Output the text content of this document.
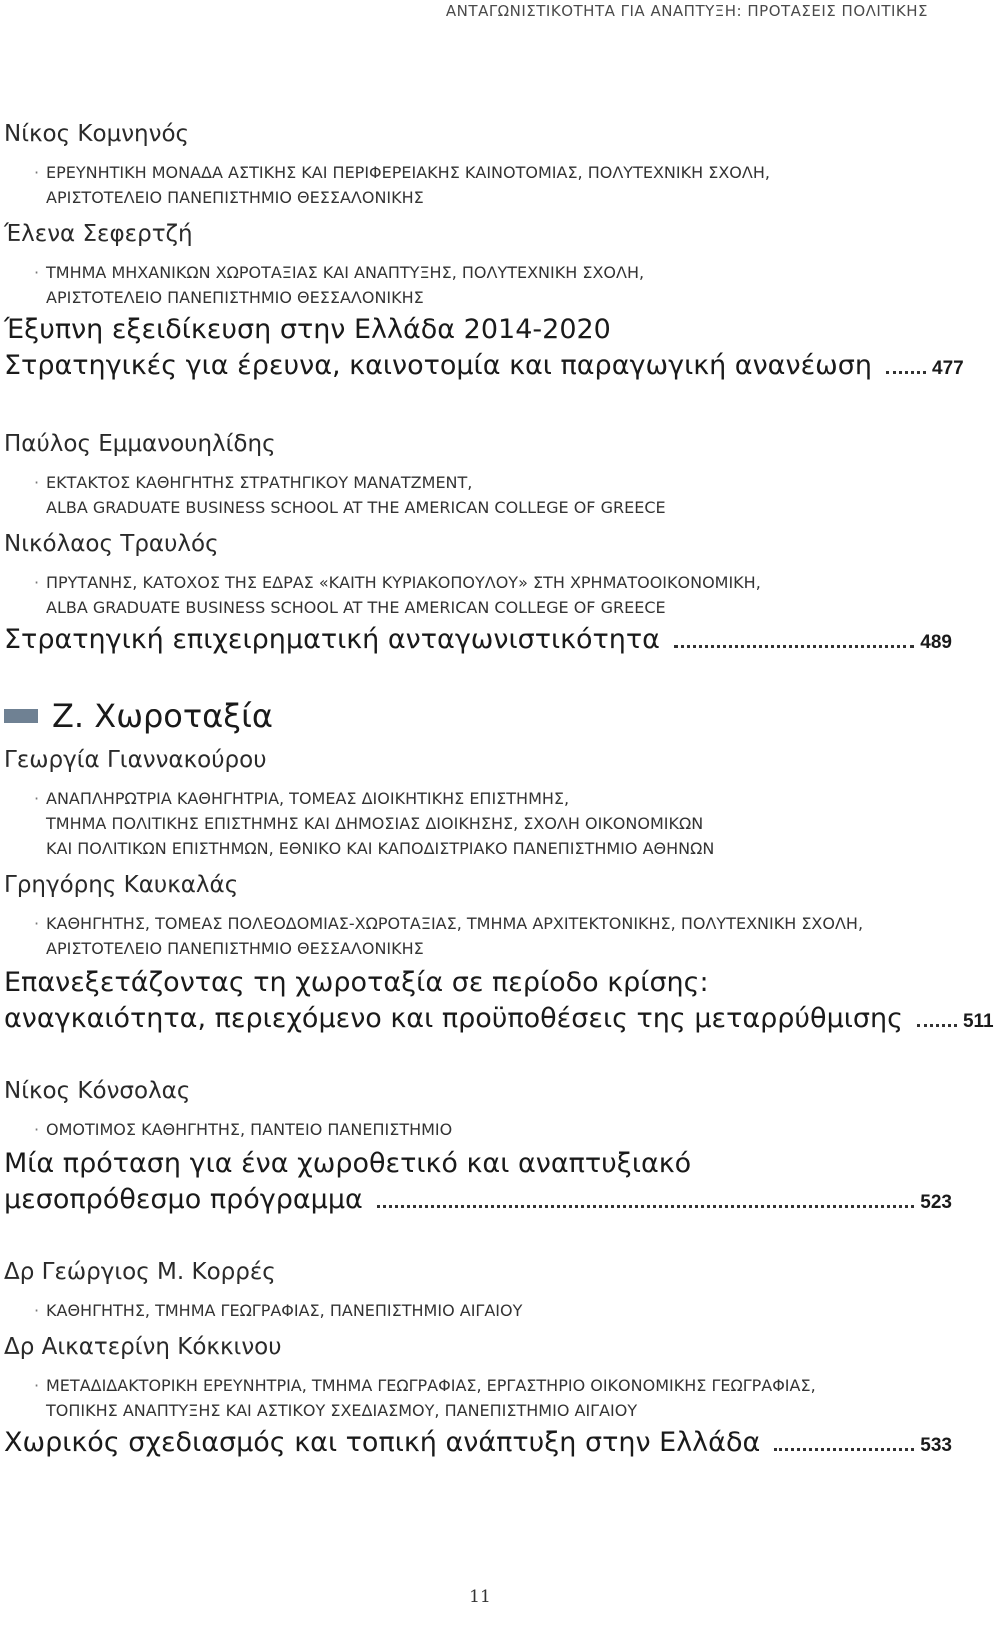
ΑΝΤΑΓΩΝΙΣΤΙΚΟΤΗΤΑ ΓΙΑ ΑΝΑΠΤΥΞΗ: ΠΡΟΤΑΣΕΙΣ ΠΟΛΙΤΙΚΗΣ
Νίκος Κομνηνός
· ΕΡΕΥΝΗΤΙΚΗ ΜΟΝΑΔΑ ΑΣΤΙΚΗΣ ΚΑΙ ΠΕΡΙΦΕΡΕΙΑΚΗΣ ΚΑΙΝΟΤΟΜΙΑΣ, ΠΟΛΥΤΕΧΝΙΚΗ ΣΧΟΛΗ,
ΑΡΙΣΤΟΤΕΛΕΙΟ ΠΑΝΕΠΙΣΤΗΜΙΟ ΘΕΣΣΑΛΟΝΙΚΗΣ
Έλενα Σεφερτζή
· ΤΜΗΜΑ ΜΗΧΑΝΙΚΩΝ ΧΩΡΟΤΑΞΙΑΣ ΚΑΙ ΑΝΑΠΤΥΞΗΣ, ΠΟΛΥΤΕΧΝΙΚΗ ΣΧΟΛΗ,
ΑΡΙΣΤΟΤΕΛΕΙΟ ΠΑΝΕΠΙΣΤΗΜΙΟ ΘΕΣΣΑΛΟΝΙΚΗΣ
Έξυπνη εξειδίκευση στην Ελλάδα 2014-2020
Στρατηγικές για έρευνα, καινοτομία και παραγωγική ανανέωση	477
Παύλος Εμμανουηλίδης
· ΕΚΤΑΚΤΟΣ ΚΑΘΗΓΗΤΗΣ ΣΤΡΑΤΗΓΙΚΟΥ ΜΑΝΑΤΖΜΕΝΤ,
ALBA GRADUATE BUSINESS SCHOOL AT THE AMERICAN COLLEGE OF GREECE
Νικόλαος Τραυλός
· ΠΡΥΤΑΝΗΣ, ΚΑΤΟΧΟΣ ΤΗΣ ΕΔΡΑΣ «ΚΑΙΤΗ ΚΥΡΙΑΚΟΠΟΥΛΟΥ» ΣΤΗ ΧΡΗΜΑΤΟΟΙΚΟΝΟΜΙΚΗ,
ALBA GRADUATE BUSINESS SCHOOL AT THE AMERICAN COLLEGE OF GREECE
Στρατηγική επιχειρηματική ανταγωνιστικότητα	489
Ζ. Χωροταξία
Γεωργία Γιαννακούρου
· ΑΝΑΠΛΗΡΩΤΡΙΑ ΚΑΘΗΓΗΤΡΙΑ, ΤΟΜΕΑΣ ΔΙΟΙΚΗΤΙΚΗΣ ΕΠΙΣΤΗΜΗΣ,
ΤΜΗΜΑ ΠΟΛΙΤΙΚΗΣ ΕΠΙΣΤΗΜΗΣ ΚΑΙ ΔΗΜΟΣΙΑΣ ΔΙΟΙΚΗΣΗΣ, ΣΧΟΛΗ ΟΙΚΟΝΟΜΙΚΩΝ
ΚΑΙ ΠΟΛΙΤΙΚΩΝ ΕΠΙΣΤΗΜΩΝ, ΕΘΝΙΚΟ ΚΑΙ ΚΑΠΟΔΙΣΤΡΙΑΚΟ ΠΑΝΕΠΙΣΤΗΜΙΟ ΑΘΗΝΩΝ
Γρηγόρης Καυκαλάς
· ΚΑΘΗΓΗΤΗΣ, ΤΟΜΕΑΣ ΠΟΛΕΟΔΟΜΙΑΣ-ΧΩΡΟΤΑΞΙΑΣ, ΤΜΗΜΑ ΑΡΧΙΤΕΚΤΟΝΙΚΗΣ, ΠΟΛΥΤΕΧΝΙΚΗ ΣΧΟΛΗ,
ΑΡΙΣΤΟΤΕΛΕΙΟ ΠΑΝΕΠΙΣΤΗΜΙΟ ΘΕΣΣΑΛΟΝΙΚΗΣ
Επανεξετάζοντας τη χωροταξία σε περίοδο κρίσης:
αναγκαιότητα, περιεχόμενο και προϋποθέσεις της μεταρρύθμισης	511
Νίκος Κόνσολας
· ΟΜΟΤΙΜΟΣ ΚΑΘΗΓΗΤΗΣ, ΠΑΝΤΕΙΟ ΠΑΝΕΠΙΣΤΗΜΙΟ
Μία πρόταση για ένα χωροθετικό και αναπτυξιακό
μεσοπρόθεσμο πρόγραμμα	523
Δρ Γεώργιος Μ. Κορρές
· ΚΑΘΗΓΗΤΗΣ, ΤΜΗΜΑ ΓΕΩΓΡΑΦΙΑΣ, ΠΑΝΕΠΙΣΤΗΜΙΟ ΑΙΓΑΙΟΥ
Δρ Αικατερίνη Κόκκινου
· ΜΕΤΑΔΙΔΑΚΤΟΡΙΚΗ ΕΡΕΥΝΗΤΡΙΑ, ΤΜΗΜΑ ΓΕΩΓΡΑΦΙΑΣ, ΕΡΓΑΣΤΗΡΙΟ ΟΙΚΟΝΟΜΙΚΗΣ ΓΕΩΓΡΑΦΙΑΣ,
ΤΟΠΙΚΗΣ ΑΝΑΠΤΥΞΗΣ ΚΑΙ ΑΣΤΙΚΟΥ ΣΧΕΔΙΑΣΜΟΥ, ΠΑΝΕΠΙΣΤΗΜΙΟ ΑΙΓΑΙΟΥ
Χωρικός σχεδιασμός και τοπική ανάπτυξη στην Ελλάδα	533
11
